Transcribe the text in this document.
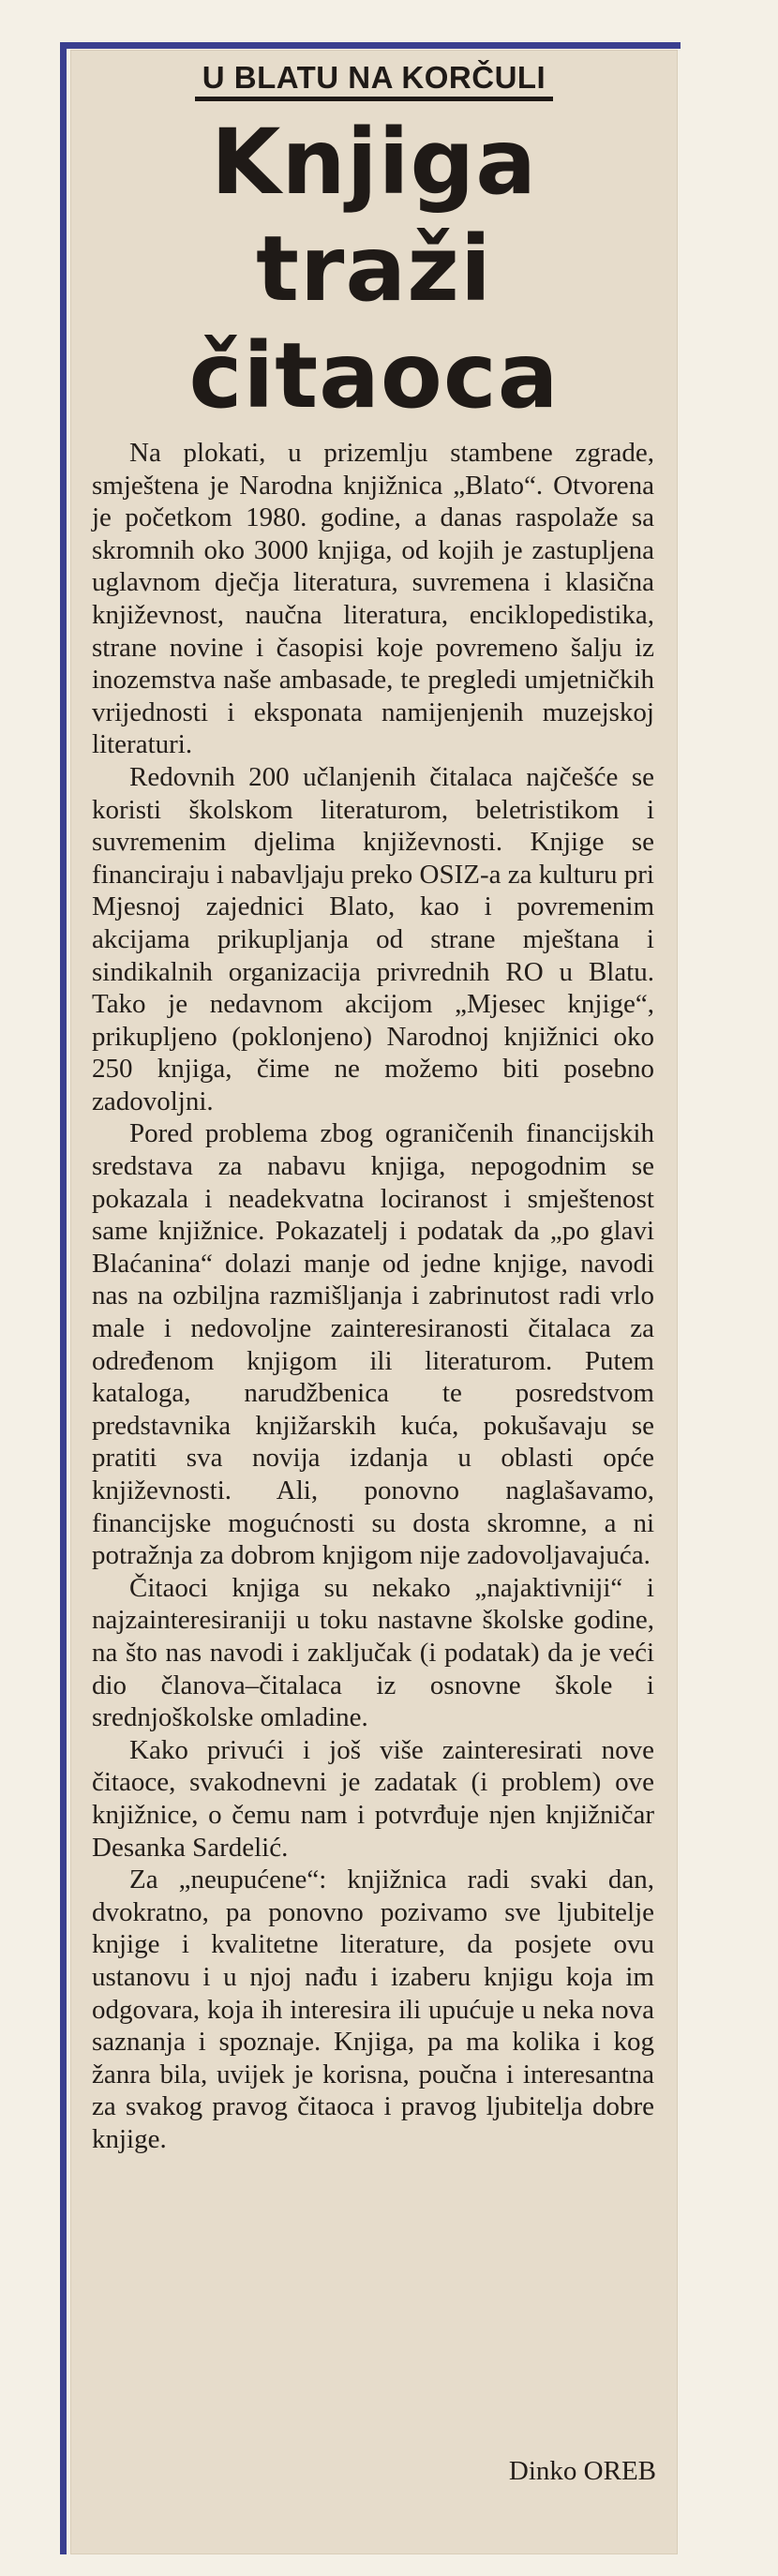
U BLATU NA KORČULI
Knjiga
traži
čitaoca

Na plokati, u prizemlju stambene zgrade, smještena je Narodna knjižnica „Blato“. Otvorena je početkom 1980. godine, a danas raspolaže sa skromnih oko 3000 knjiga, od kojih je zastupljena uglavnom dječja literatura, suvremena i klasična književnost, naučna literatura, enciklopedistika, strane novine i časopisi koje povremeno šalju iz inozemstva naše ambasade, te pregledi umjetničkih vrijednosti i eksponata namijenjenih muzejskoj literaturi.

Redovnih 200 učlanjenih čitalaca najčešće se koristi školskom literaturom, beletristikom i suvremenim djelima književnosti. Knjige se financiraju i nabavljaju preko OSIZ-a za kulturu pri Mjesnoj zajednici Blato, kao i povremenim akcijama prikupljanja od strane mještana i sindikalnih organizacija privrednih RO u Blatu. Tako je nedavnom akcijom „Mjesec knjige“, prikupljeno (poklonjeno) Narodnoj knjižnici oko 250 knjiga, čime ne možemo biti posebno zadovoljni.

Pored problema zbog ograničenih financijskih sredstava za nabavu knjiga, nepogodnim se pokazala i neadekvatna lociranost i smještenost same knjižnice. Pokazatelj i podatak da „po glavi Blaćanina“ dolazi manje od jedne knjige, navodi nas na ozbiljna razmišljanja i zabrinutost radi vrlo male i nedovoljne zainteresiranosti čitalaca za određenom knjigom ili literaturom. Putem kataloga, narudžbenica te posredstvom predstavnika knjižarskih kuća, pokušavaju se pratiti sva novija izdanja u oblasti opće književnosti. Ali, ponovno naglašavamo, financijske mogućnosti su dosta skromne, a ni potražnja za dobrom knjigom nije zadovoljavajuća.

Čitaoci knjiga su nekako „najaktivniji“ i najzainteresiraniji u toku nastavne školske godine, na što nas navodi i zaključak (i podatak) da je veći dio članova–čitalaca iz osnovne škole i srednjoškolske omladine.

Kako privući i još više zainteresirati nove čitaoce, svakodnevni je zadatak (i problem) ove knjižnice, o čemu nam i potvrđuje njen knjižničar Desanka Sardelić.

Za „neupućene“: knjižnica radi svaki dan, dvokratno, pa ponovno pozivamo sve ljubitelje knjige i kvalitetne literature, da posjete ovu ustanovu i u njoj nađu i izaberu knjigu koja im odgovara, koja ih interesira ili upućuje u neka nova saznanja i spoznaje. Knjiga, pa ma kolika i kog žanra bila, uvijek je korisna, poučna i interesantna za svakog pravog čitaoca i pravog ljubitelja dobre knjige.

Dinko OREB
